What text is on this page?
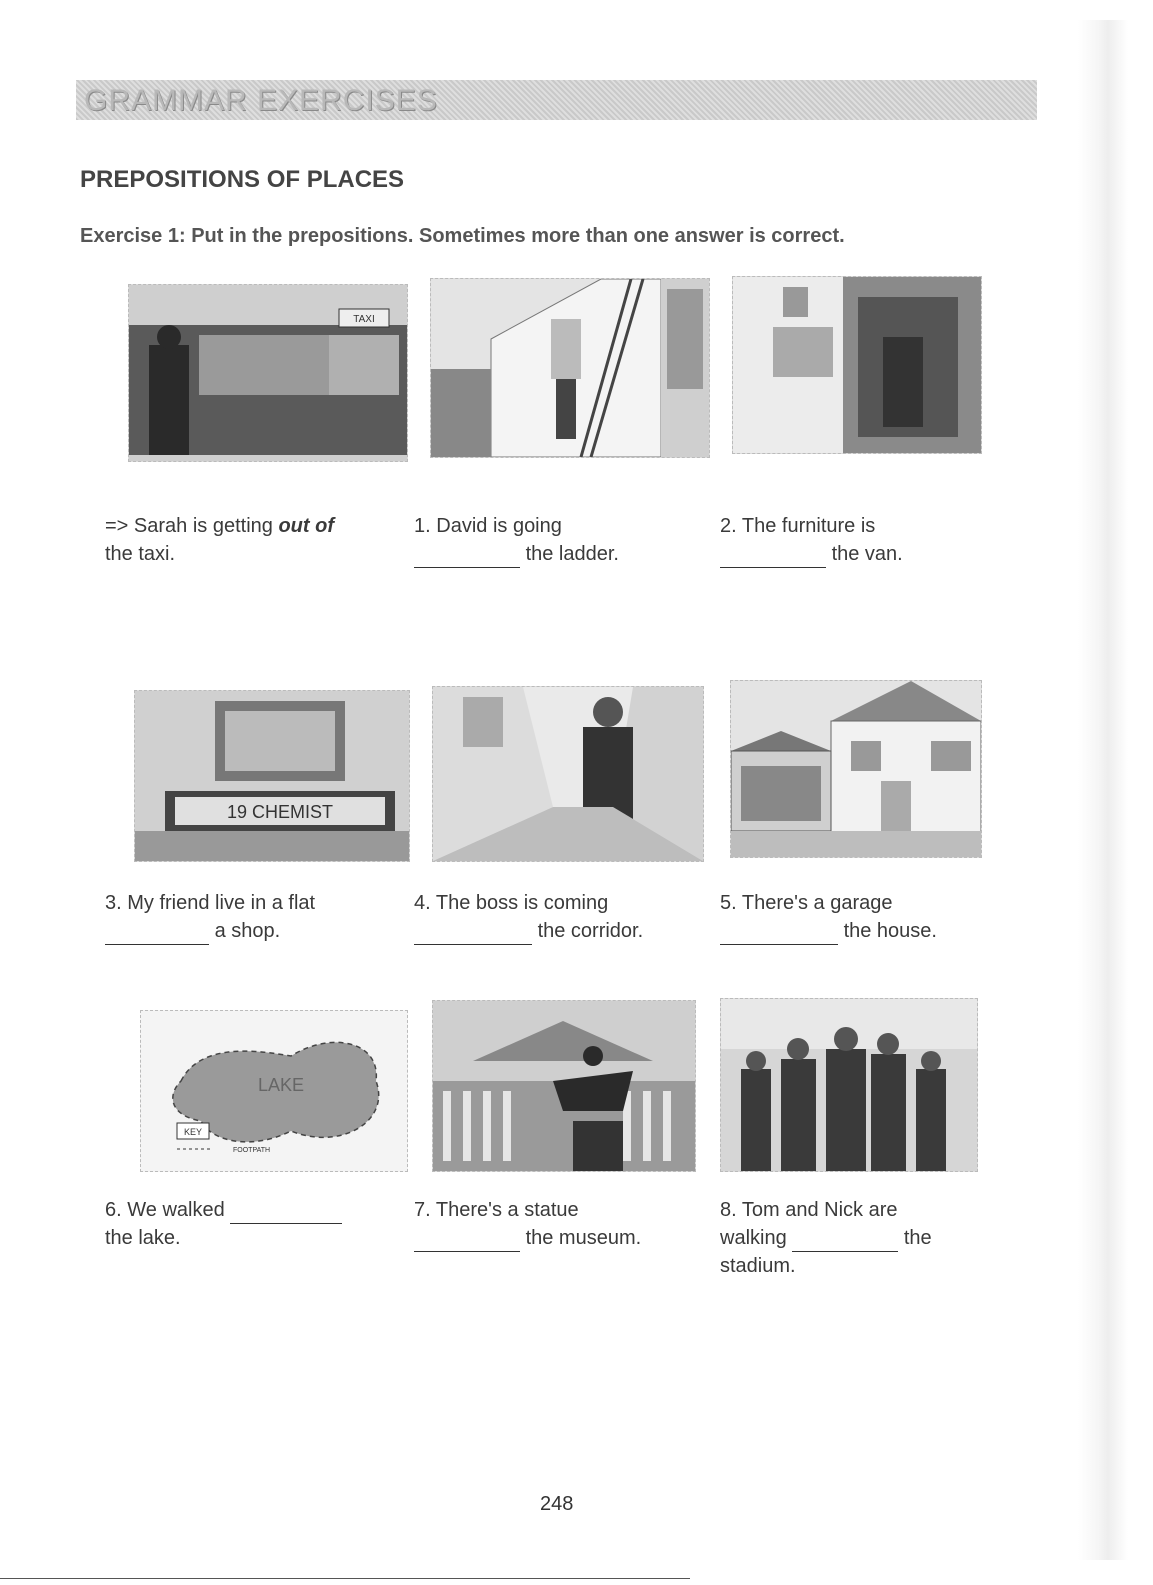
GRAMMAR EXERCISES
PREPOSITIONS OF PLACES
Exercise 1: Put in the prepositions. Sometimes more than one answer is correct.
TAXI
=> Sarah is getting out of
the taxi.
1. David is going
the ladder.
2. The furniture is
the van.
19 CHEMIST
3. My friend live in a flat
a shop.
4. The boss is coming
the corridor.
5. There's a garage
the house.
LAKE
KEY
FOOTPATH
6. We walked
the lake.
7. There's a statue
the museum.
8. Tom and Nick are
walking	the
stadium.
248
